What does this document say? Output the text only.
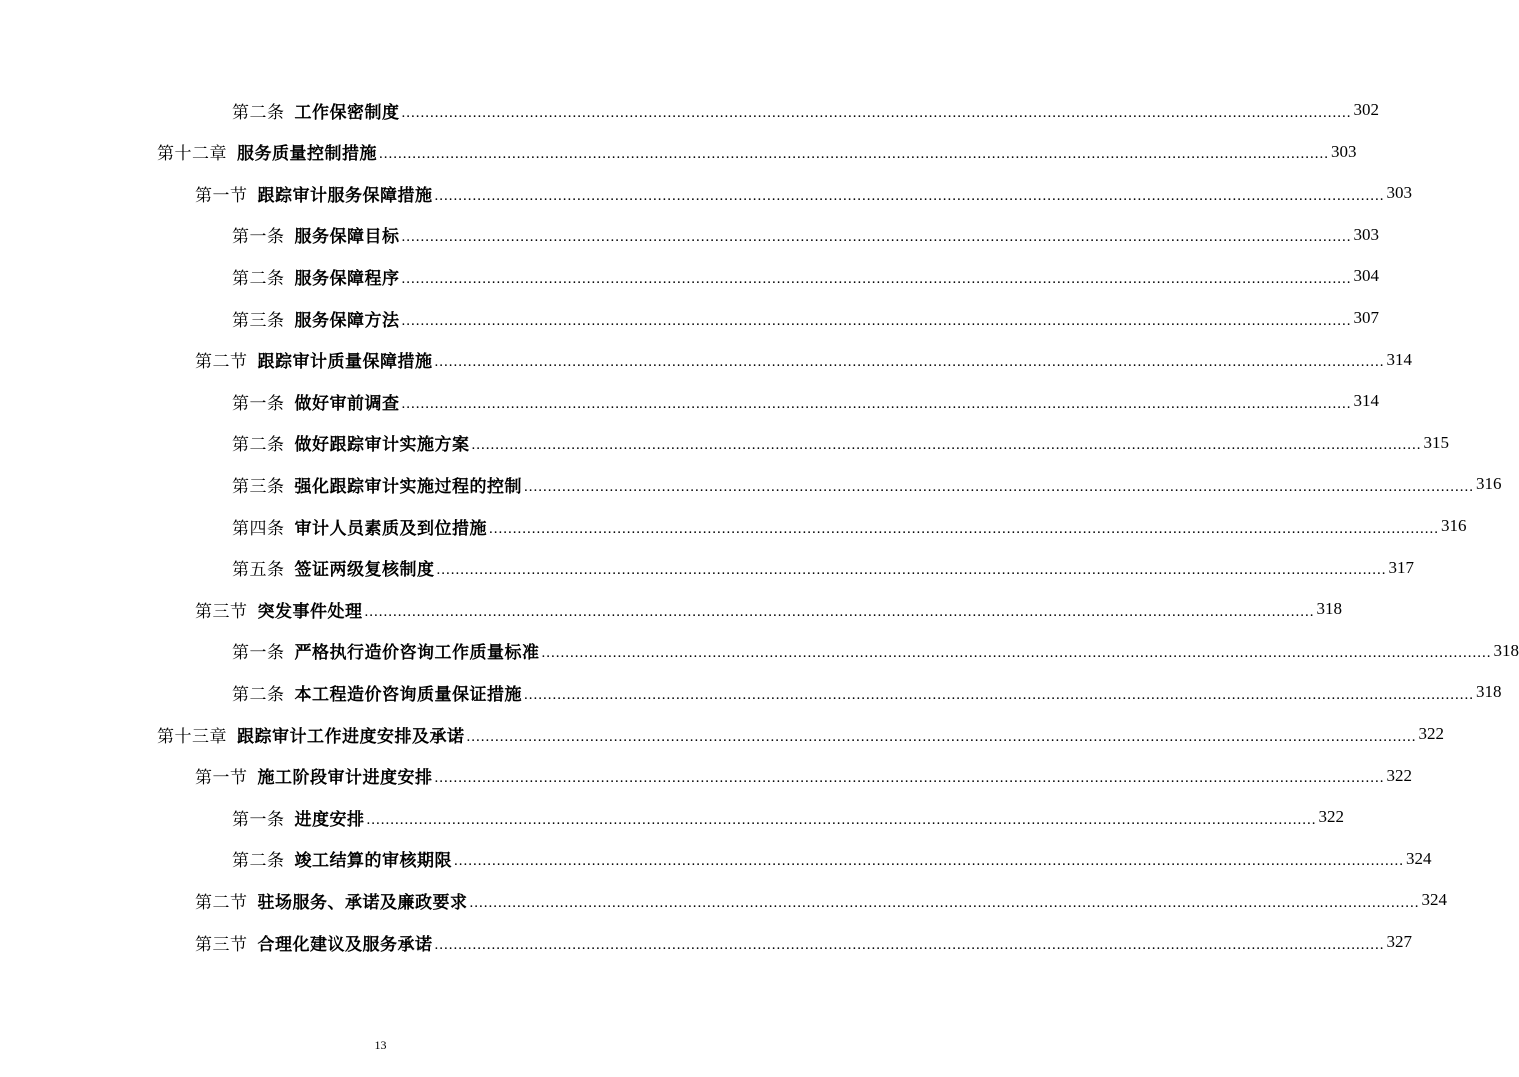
第二条 工作保密制度 ........................................................................................................................................................................................................ 302
第十二章 服务质量控制措施 ........................................................................................................................................................................................................ 303
第一节 跟踪审计服务保障措施 ........................................................................................................................................................................................................ 303
第一条 服务保障目标 ........................................................................................................................................................................................................ 303
第二条 服务保障程序 ........................................................................................................................................................................................................ 304
第三条 服务保障方法 ........................................................................................................................................................................................................ 307
第二节 跟踪审计质量保障措施 ........................................................................................................................................................................................................ 314
第一条 做好审前调查 ........................................................................................................................................................................................................ 314
第二条 做好跟踪审计实施方案 ........................................................................................................................................................................................................ 315
第三条 强化跟踪审计实施过程的控制 ........................................................................................................................................................................................................ 316
第四条 审计人员素质及到位措施 ........................................................................................................................................................................................................ 316
第五条 签证两级复核制度 ........................................................................................................................................................................................................ 317
第三节 突发事件处理 ........................................................................................................................................................................................................ 318
第一条 严格执行造价咨询工作质量标准 ........................................................................................................................................................................................................ 318
第二条 本工程造价咨询质量保证措施 ........................................................................................................................................................................................................ 318
第十三章 跟踪审计工作进度安排及承诺 ........................................................................................................................................................................................................ 322
第一节 施工阶段审计进度安排 ........................................................................................................................................................................................................ 322
第一条 进度安排 ........................................................................................................................................................................................................ 322
第二条 竣工结算的审核期限 ........................................................................................................................................................................................................ 324
第二节 驻场服务、承诺及廉政要求 ........................................................................................................................................................................................................ 324
第三节 合理化建议及服务承诺 ........................................................................................................................................................................................................ 327
13
